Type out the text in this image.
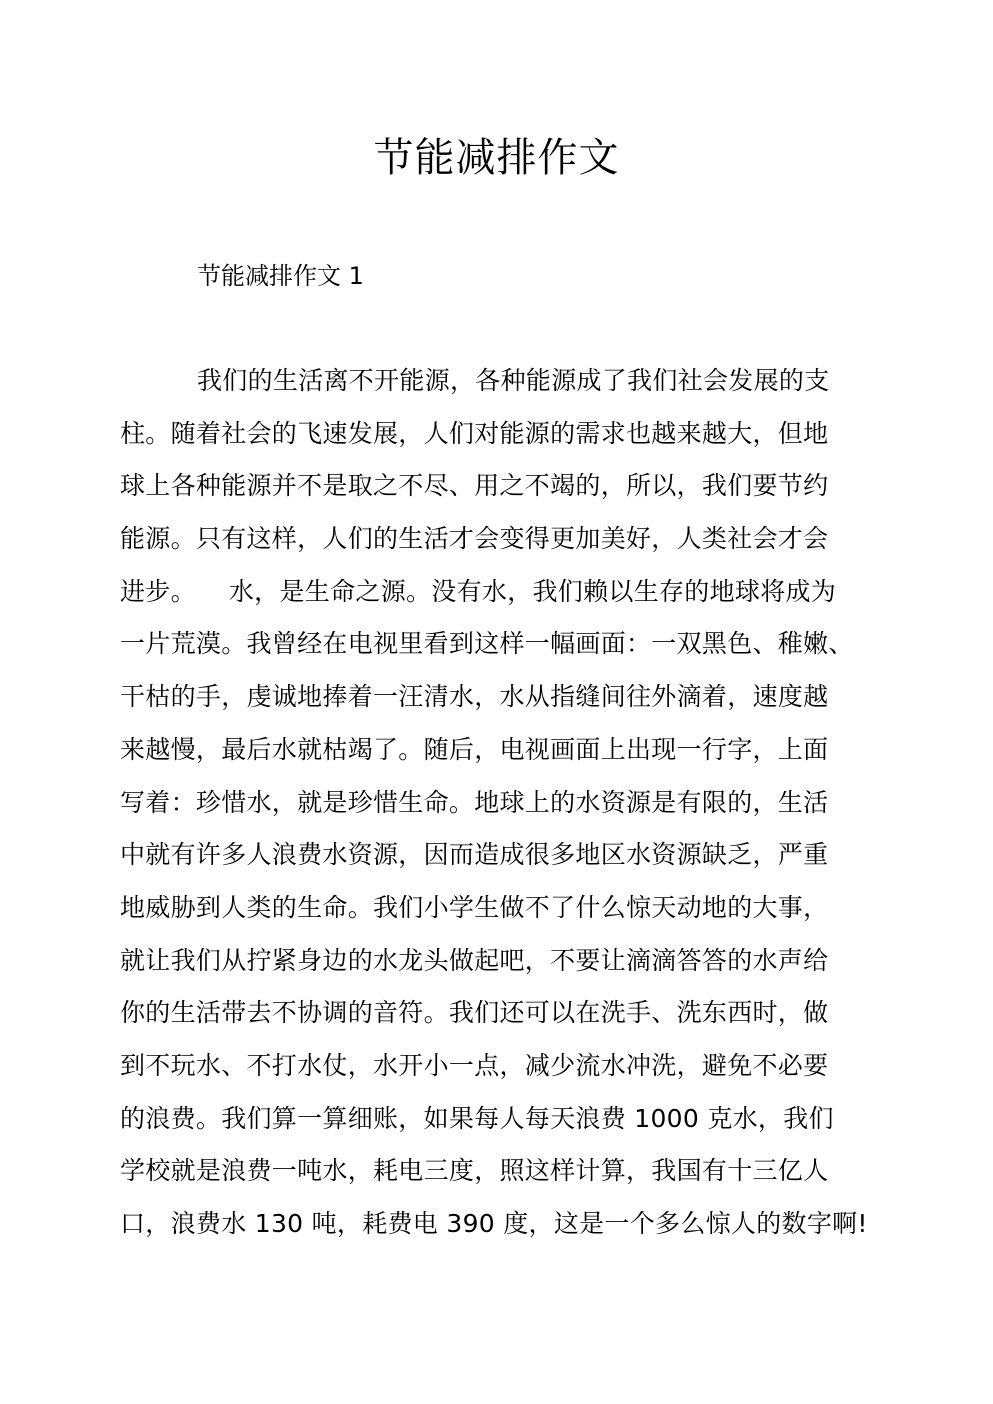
节能减排作文
节能减排作文 1
我们的生活离不开能源，各种能源成了我们社会发展的支
柱。随着社会的飞速发展，人们对能源的需求也越来越大，但地
球上各种能源并不是取之不尽、用之不竭的，所以，我们要节约
能源。只有这样，人们的生活才会变得更加美好，人类社会才会
进步。    水，是生命之源。没有水，我们赖以生存的地球将成为
一片荒漠。我曾经在电视里看到这样一幅画面：一双黑色、稚嫩、
干枯的手，虔诚地捧着一汪清水，水从指缝间往外滴着，速度越
来越慢，最后水就枯竭了。随后，电视画面上出现一行字，上面
写着：珍惜水，就是珍惜生命。地球上的水资源是有限的，生活
中就有许多人浪费水资源，因而造成很多地区水资源缺乏，严重
地威胁到人类的生命。我们小学生做不了什么惊天动地的大事，
就让我们从拧紧身边的水龙头做起吧，不要让滴滴答答的水声给
你的生活带去不协调的音符。我们还可以在洗手、洗东西时，做
到不玩水、不打水仗，水开小一点，减少流水冲洗，避免不必要
的浪费。我们算一算细账，如果每人每天浪费 1000 克水，我们
学校就是浪费一吨水，耗电三度，照这样计算，我国有十三亿人
口，浪费水 130 吨，耗费电 390 度，这是一个多么惊人的数字啊!
